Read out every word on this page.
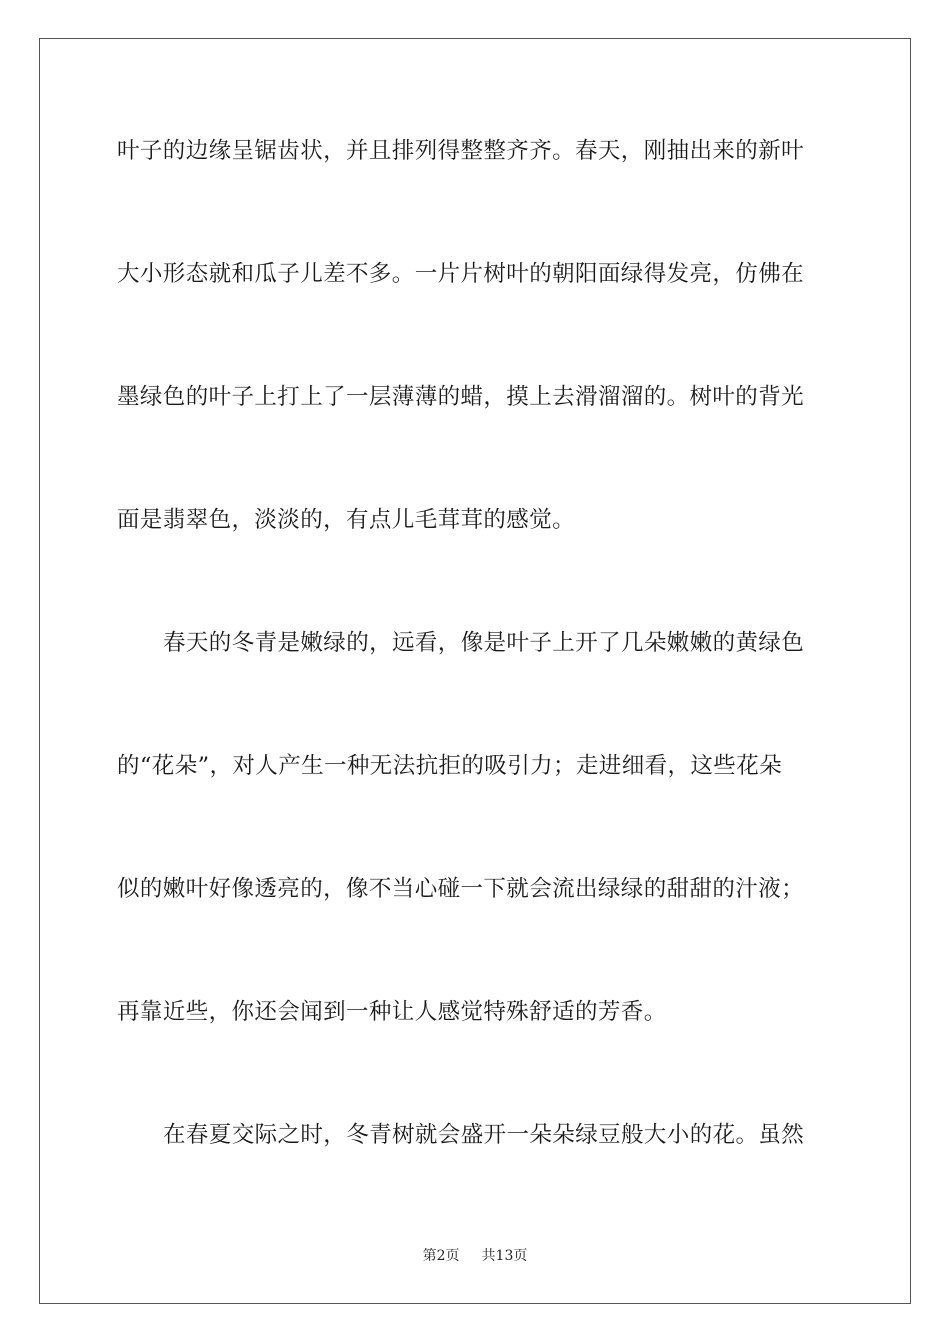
叶子的边缘呈锯齿状，并且排列得整整齐齐。春天，刚抽出来的新叶
大小形态就和瓜子儿差不多。一片片树叶的朝阳面绿得发亮，仿佛在
墨绿色的叶子上打上了一层薄薄的蜡，摸上去滑溜溜的。树叶的背光
面是翡翠色，淡淡的，有点儿毛茸茸的感觉。
春天的冬青是嫩绿的，远看，像是叶子上开了几朵嫩嫩的黄绿色
的“花朵”，对人产生一种无法抗拒的吸引力；走进细看，这些花朵
似的嫩叶好像透亮的，像不当心碰一下就会流出绿绿的甜甜的汁液；
再靠近些，你还会闻到一种让人感觉特殊舒适的芳香。
在春夏交际之时，冬青树就会盛开一朵朵绿豆般大小的花。虽然
第2页 共13页
